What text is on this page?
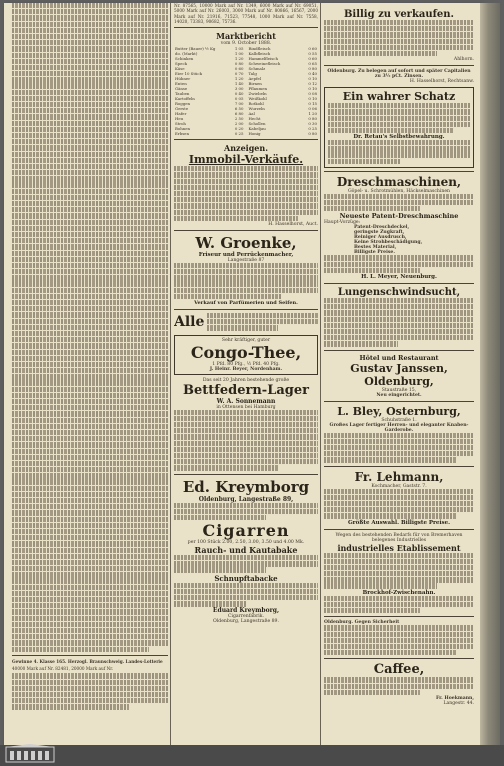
Gewinne 4. Klasse 165. Herzogl. Braunschweig. Landes-Lotterie
40000 Mark auf Nr. 82481, 20000 Mark auf Nr.
Nr. 87565, 10000 Mark auf Nr. 1349, 6000 Mark auf Nr. 69051, 5000 Mark auf Nr. 26003, 3000 Mark auf Nr. 80866, 16567, 2000 Mark auf Nr. 21916, 71523, 77548, 1000 Mark auf Nr. 7558, 14020, 73383, 90682, 75736.
Marktbericht
vom 9. October 1888.
Butter (Bauer) ½ Kg	1 05
do. (Markt)	1 00
Schinken	1 20
Speck	0 80
Käse	0 60
Eier 10 Stück	0 70
Hühner	1 20
Enten	1 40
Gänse	3 00
Tauben	0 40
Kartoffeln	0 05
Roggen	7 00
Gerste	6 50
Hafer	6 80
Heu	2 50
Stroh	2 00
Bohnen	0 20
Erbsen	0 25
Rindfleisch	0 60
Kalbfleisch	0 55
Hammelfleisch	0 60
Schweinefleisch	0 65
Schmalz	0 80
Talg	0 40
Aepfel	0 10
Birnen	0 12
Pflaumen	0 10
Zwiebeln	0 08
Weißkohl	0 10
Rotkohl	0 15
Wurzeln	0 06
Aal	1 20
Hecht	0 80
Schollen	0 30
Kabeljau	0 25
Honig	0 80
Anzeigen.
Immobil-Verkäufe.
H. Hasselhorst, Auct.
W. Groenke,
Friseur und Perrückenmacher,
Langestraße 87
Verkauf von Parfümerien und Seifen.
Alle
Sehr kräftiger, guter
Congo-Thee,
1 Pfd. 80 Pfg., ½ Pfd. 40 Pfg.
J. Heinr. Beyer, Nordenham.
Das seit 20 Jahren bestehende große
Bettfedern-Lager
W. A. Sonnemann
in Ottensen bei Hamburg
Ed. Kreymborg
Oldenburg, Langestraße 89,
Cigarren
per 100 Stück 2.00, 2.50, 3.00, 3.50 und 4.00 Mk.
Rauch- und Kautabake
Schnupftabacke
Eduard Kreymborg,
Cigarrenfabrik.
Oldenburg, Langestraße 89.
Billig zu verkaufen.
Ahlhorn.
Oldenburg. Zu belegen auf sofort und später Capitalien zu 3½ pCt. Zinsen.
H. Hasselhorst, Rechtsanw.
Ein wahrer Schatz
Dr. Retau's Selbstbewahrung.
Dreschmaschinen,
Göpel- u. Schrotmühlen, Häckselmaschinen
Neueste Patent-Dreschmaschine
Haupt-Vorzüge:
Patent-Dreschdeckel,
geringste Zugkraft,
Reiniger Ausdrusch,
Keine Strohbeschädigung,
Bestes Material,
Billigste Preise.
H. L. Meyer, Neuenburg.
Lungenschwindsucht,
Hôtel und Restaurant
Gustav Janssen, Oldenburg,
Staustraße 15,
Neu eingerichtet.
L. Bley, Osternburg,
Schuhstraße 1.
Großes Lager fertiger Herren- und eleganter Knaben-Garderobe.
Fr. Lehmann,
Kochmacher, Gaststr. 7.
Größte Auswahl. Billigste Preise.
Wegen des bestehenden Bedarfs für von Bremerhaven belegenes Industrielles
industrielles Etablissement
Brockhof-Zwischenahn.
Oldenburg. Gegen Sicherheit
Caffee,
Fr. Hoekmann,
Langestr. 44.
